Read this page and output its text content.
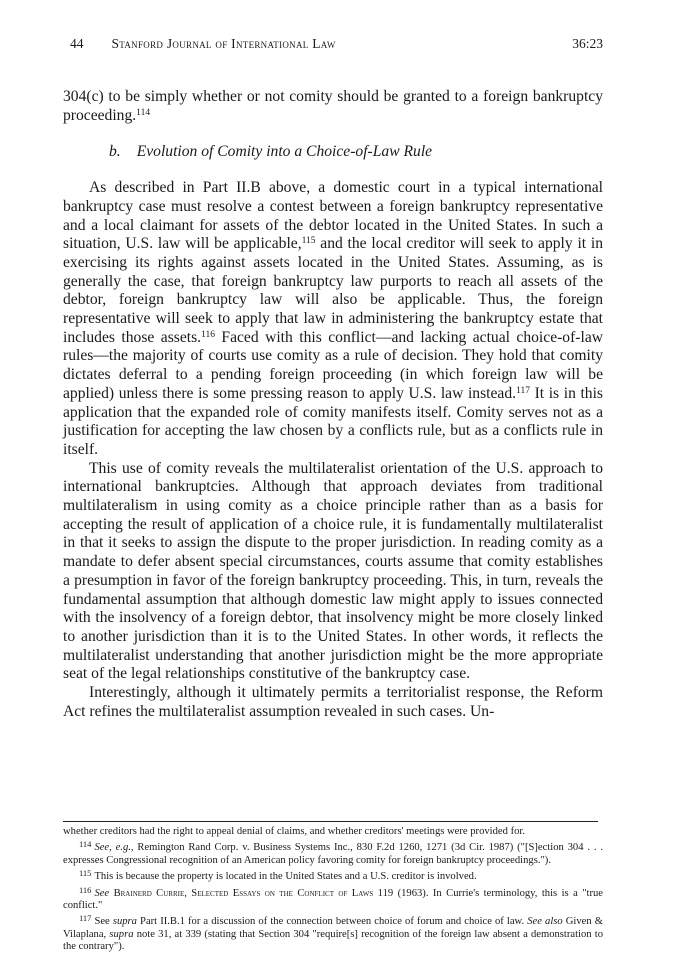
44 Stanford Journal of International Law	36:23

304(c) to be simply whether or not comity should be granted to a foreign bankruptcy proceeding.$^{114}$

b. Evolution of Comity into a Choice-of-Law Rule

As described in Part II.B above, a domestic court in a typical international bankruptcy case must resolve a contest between a foreign bankruptcy representative and a local claimant for assets of the debtor located in the United States. In such a situation, U.S. law will be applicable,$^{115}$ and the local creditor will seek to apply it in exercising its rights against assets located in the United States. Assuming, as is generally the case, that foreign bankruptcy law purports to reach all assets of the debtor, foreign bankruptcy law will also be applicable. Thus, the foreign representative will seek to apply that law in administering the bankruptcy estate that includes those assets.$^{116}$ Faced with this conflict—and lacking actual choice-of-law rules—the majority of courts use comity as a rule of decision. They hold that comity dictates deferral to a pending foreign proceeding (in which foreign law will be applied) unless there is some pressing reason to apply U.S. law instead.$^{117}$ It is in this application that the expanded role of comity manifests itself. Comity serves not as a justification for accepting the law chosen by a conflicts rule, but as a conflicts rule in itself.

This use of comity reveals the multilateralist orientation of the U.S. approach to international bankruptcies. Although that approach deviates from traditional multilateralism in using comity as a choice principle rather than as a basis for accepting the result of application of a choice rule, it is fundamentally multilateralist in that it seeks to assign the dispute to the proper jurisdiction. In reading comity as a mandate to defer absent special circumstances, courts assume that comity establishes a presumption in favor of the foreign bankruptcy proceeding. This, in turn, reveals the fundamental assumption that although domestic law might apply to issues connected with the insolvency of a foreign debtor, that insolvency might be more closely linked to another jurisdiction than it is to the United States. In other words, it reflects the multilateralist understanding that another jurisdiction might be the more appropriate seat of the legal relationships constitutive of the bankruptcy case.

Interestingly, although it ultimately permits a territorialist response, the Reform Act refines the multilateralist assumption revealed in such cases. Un-

whether creditors had the right to appeal denial of claims, and whether creditors' meetings were provided for.

$^{114}$ See, e.g., Remington Rand Corp. v. Business Systems Inc., 830 F.2d 1260, 1271 (3d Cir. 1987) ("[S]ection 304 . . . expresses Congressional recognition of an American policy favoring comity for foreign bankruptcy proceedings.").

$^{115}$ This is because the property is located in the United States and a U.S. creditor is involved.

$^{116}$ See Brainerd Currie, Selected Essays on the Conflict of Laws 119 (1963). In Currie's terminology, this is a "true conflict."

$^{117}$ See supra Part II.B.1 for a discussion of the connection between choice of forum and choice of law. See also Given & Vilaplana, supra note 31, at 339 (stating that Section 304 "require[s] recognition of the foreign law absent a demonstration to the contrary").
